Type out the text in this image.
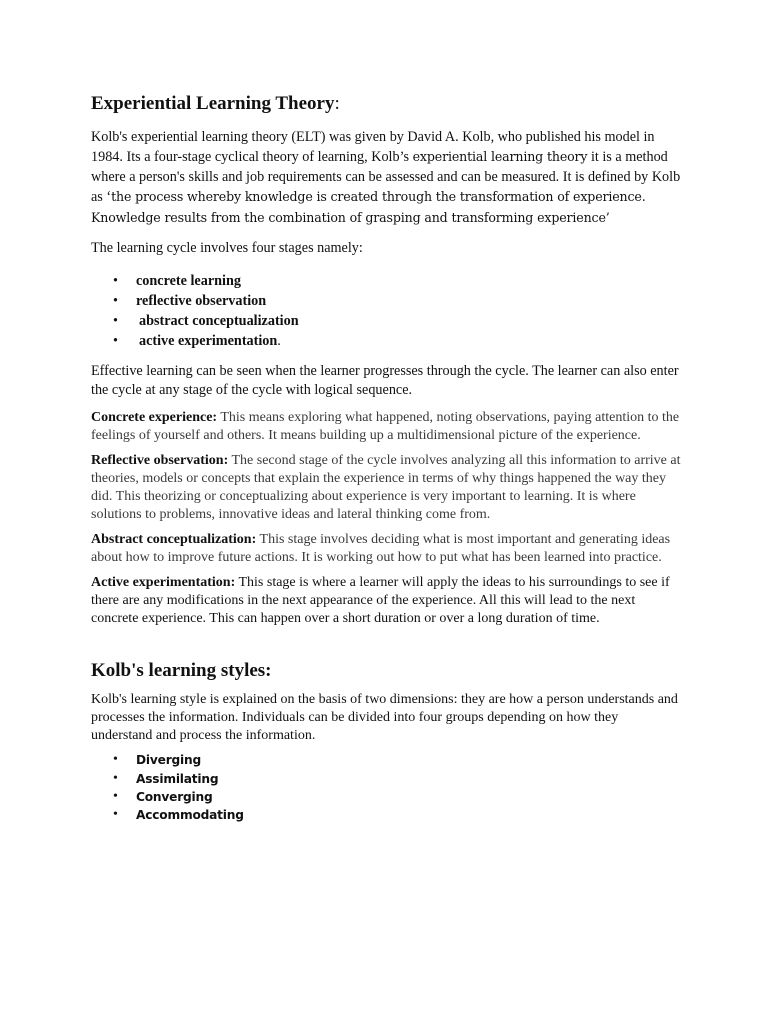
Experiential Learning Theory:

Kolb's experiential learning theory (ELT) was given by David A. Kolb, who published his model in 1984. Its a four-stage cyclical theory of learning, Kolb’s experiential learning theory it is a method where a person's skills and job requirements can be assessed and can be measured. It is defined by Kolb as ‘the process whereby knowledge is created through the transformation of experience. Knowledge results from the combination of grasping and transforming experience’

The learning cycle involves four stages namely:

• concrete learning
• reflective observation
• abstract conceptualization
• active experimentation.

Effective learning can be seen when the learner progresses through the cycle. The learner can also enter the cycle at any stage of the cycle with logical sequence.

Concrete experience: This means exploring what happened, noting observations, paying attention to the feelings of yourself and others. It means building up a multidimensional picture of the experience.

Reflective observation: The second stage of the cycle involves analyzing all this information to arrive at theories, models or concepts that explain the experience in terms of why things happened the way they did. This theorizing or conceptualizing about experience is very important to learning. It is where solutions to problems, innovative ideas and lateral thinking come from.

Abstract conceptualization: This stage involves deciding what is most important and generating ideas about how to improve future actions. It is working out how to put what has been learned into practice.

Active experimentation: This stage is where a learner will apply the ideas to his surroundings to see if there are any modifications in the next appearance of the experience. All this will lead to the next concrete experience. This can happen over a short duration or over a long duration of time.

Kolb's learning styles:

Kolb's learning style is explained on the basis of two dimensions: they are how a person understands and processes the information. Individuals can be divided into four groups depending on how they understand and process the information.

• Diverging
• Assimilating
• Converging
• Accommodating
